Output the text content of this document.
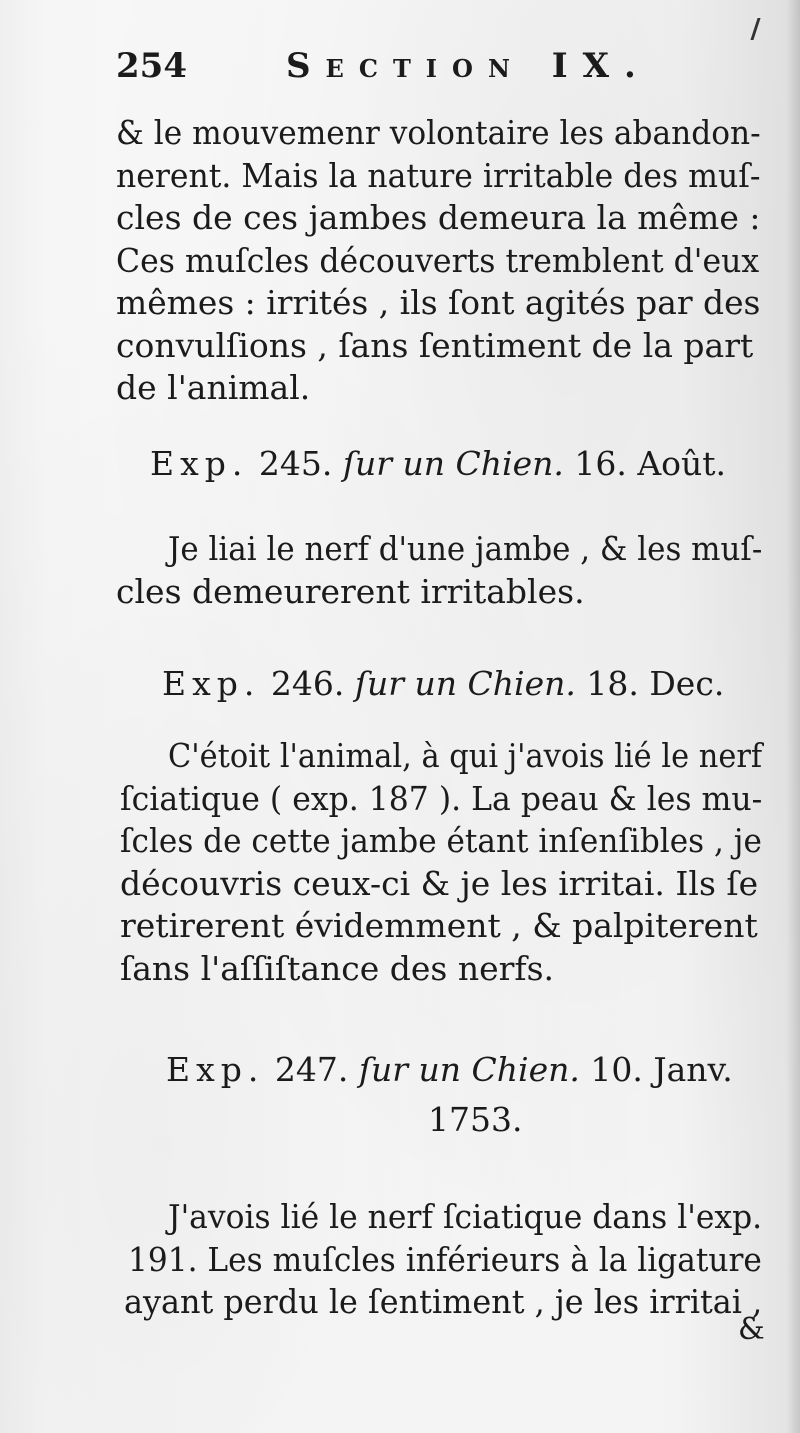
254	Section IX.

& le mouvemenr volontaire les abandon-
nerent. Mais la nature irritable des muſ-
cles de ces jambes demeura la même :
Ces muſcles découverts tremblent d'eux
mêmes : irrités , ils ſont agités par des
convulſions , ſans ſentiment de la part
de l'animal.

Exp. 245. ſur un Chien. 16. Août.

Je liai le nerf d'une jambe , & les muſ-
cles demeurerent irritables.

Exp. 246. ſur un Chien. 18. Dec.

C'étoit l'animal, à qui j'avois lié le nerf
ſciatique ( exp. 187 ). La peau & les mu-
ſcles de cette jambe étant inſenſibles , je
découvris ceux-ci & je les irritai. Ils ſe
retirerent évidemment , & palpiterent
ſans l'aſſiſtance des nerfs.

Exp. 247. ſur un Chien. 10. Janv.

1753.

J'avois lié le nerf ſciatique dans l'exp.
191. Les muſcles inférieurs à la ligature
ayant perdu le ſentiment , je les irritai ,

&
